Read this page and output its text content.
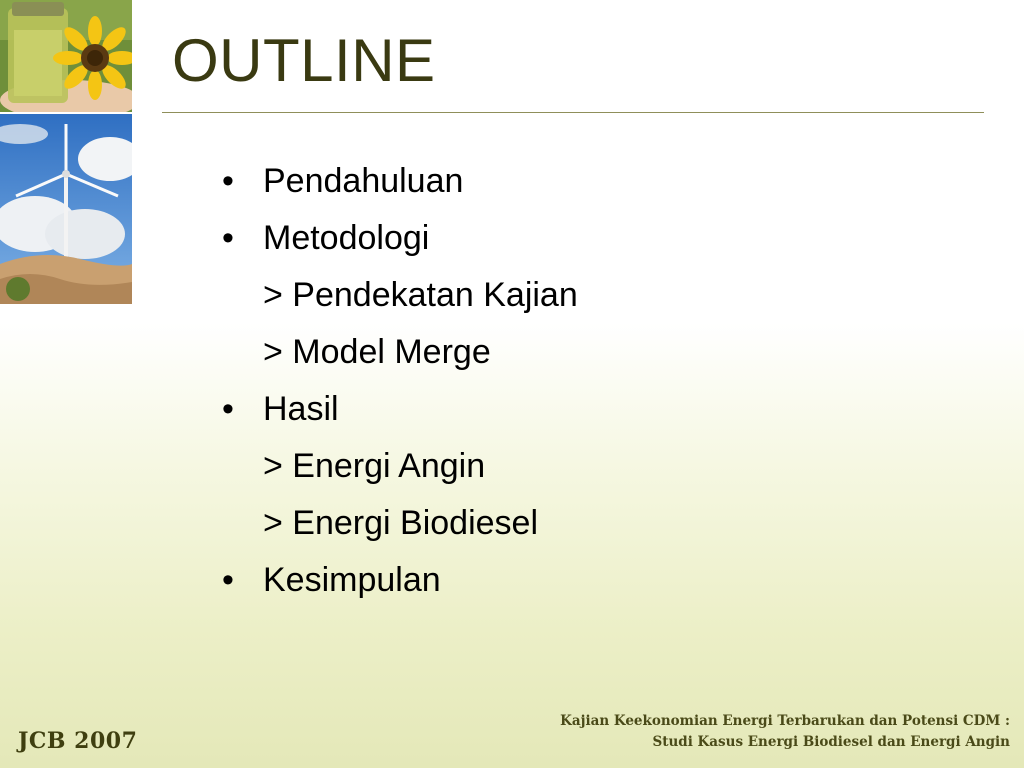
OUTLINE
• Pendahuluan
• Metodologi
> Pendekatan Kajian
> Model Merge
• Hasil
> Energi Angin
> Energi Biodiesel
• Kesimpulan
JCB 2007
Kajian Keekonomian Energi Terbarukan dan Potensi CDM :
Studi Kasus Energi Biodiesel dan Energi Angin
